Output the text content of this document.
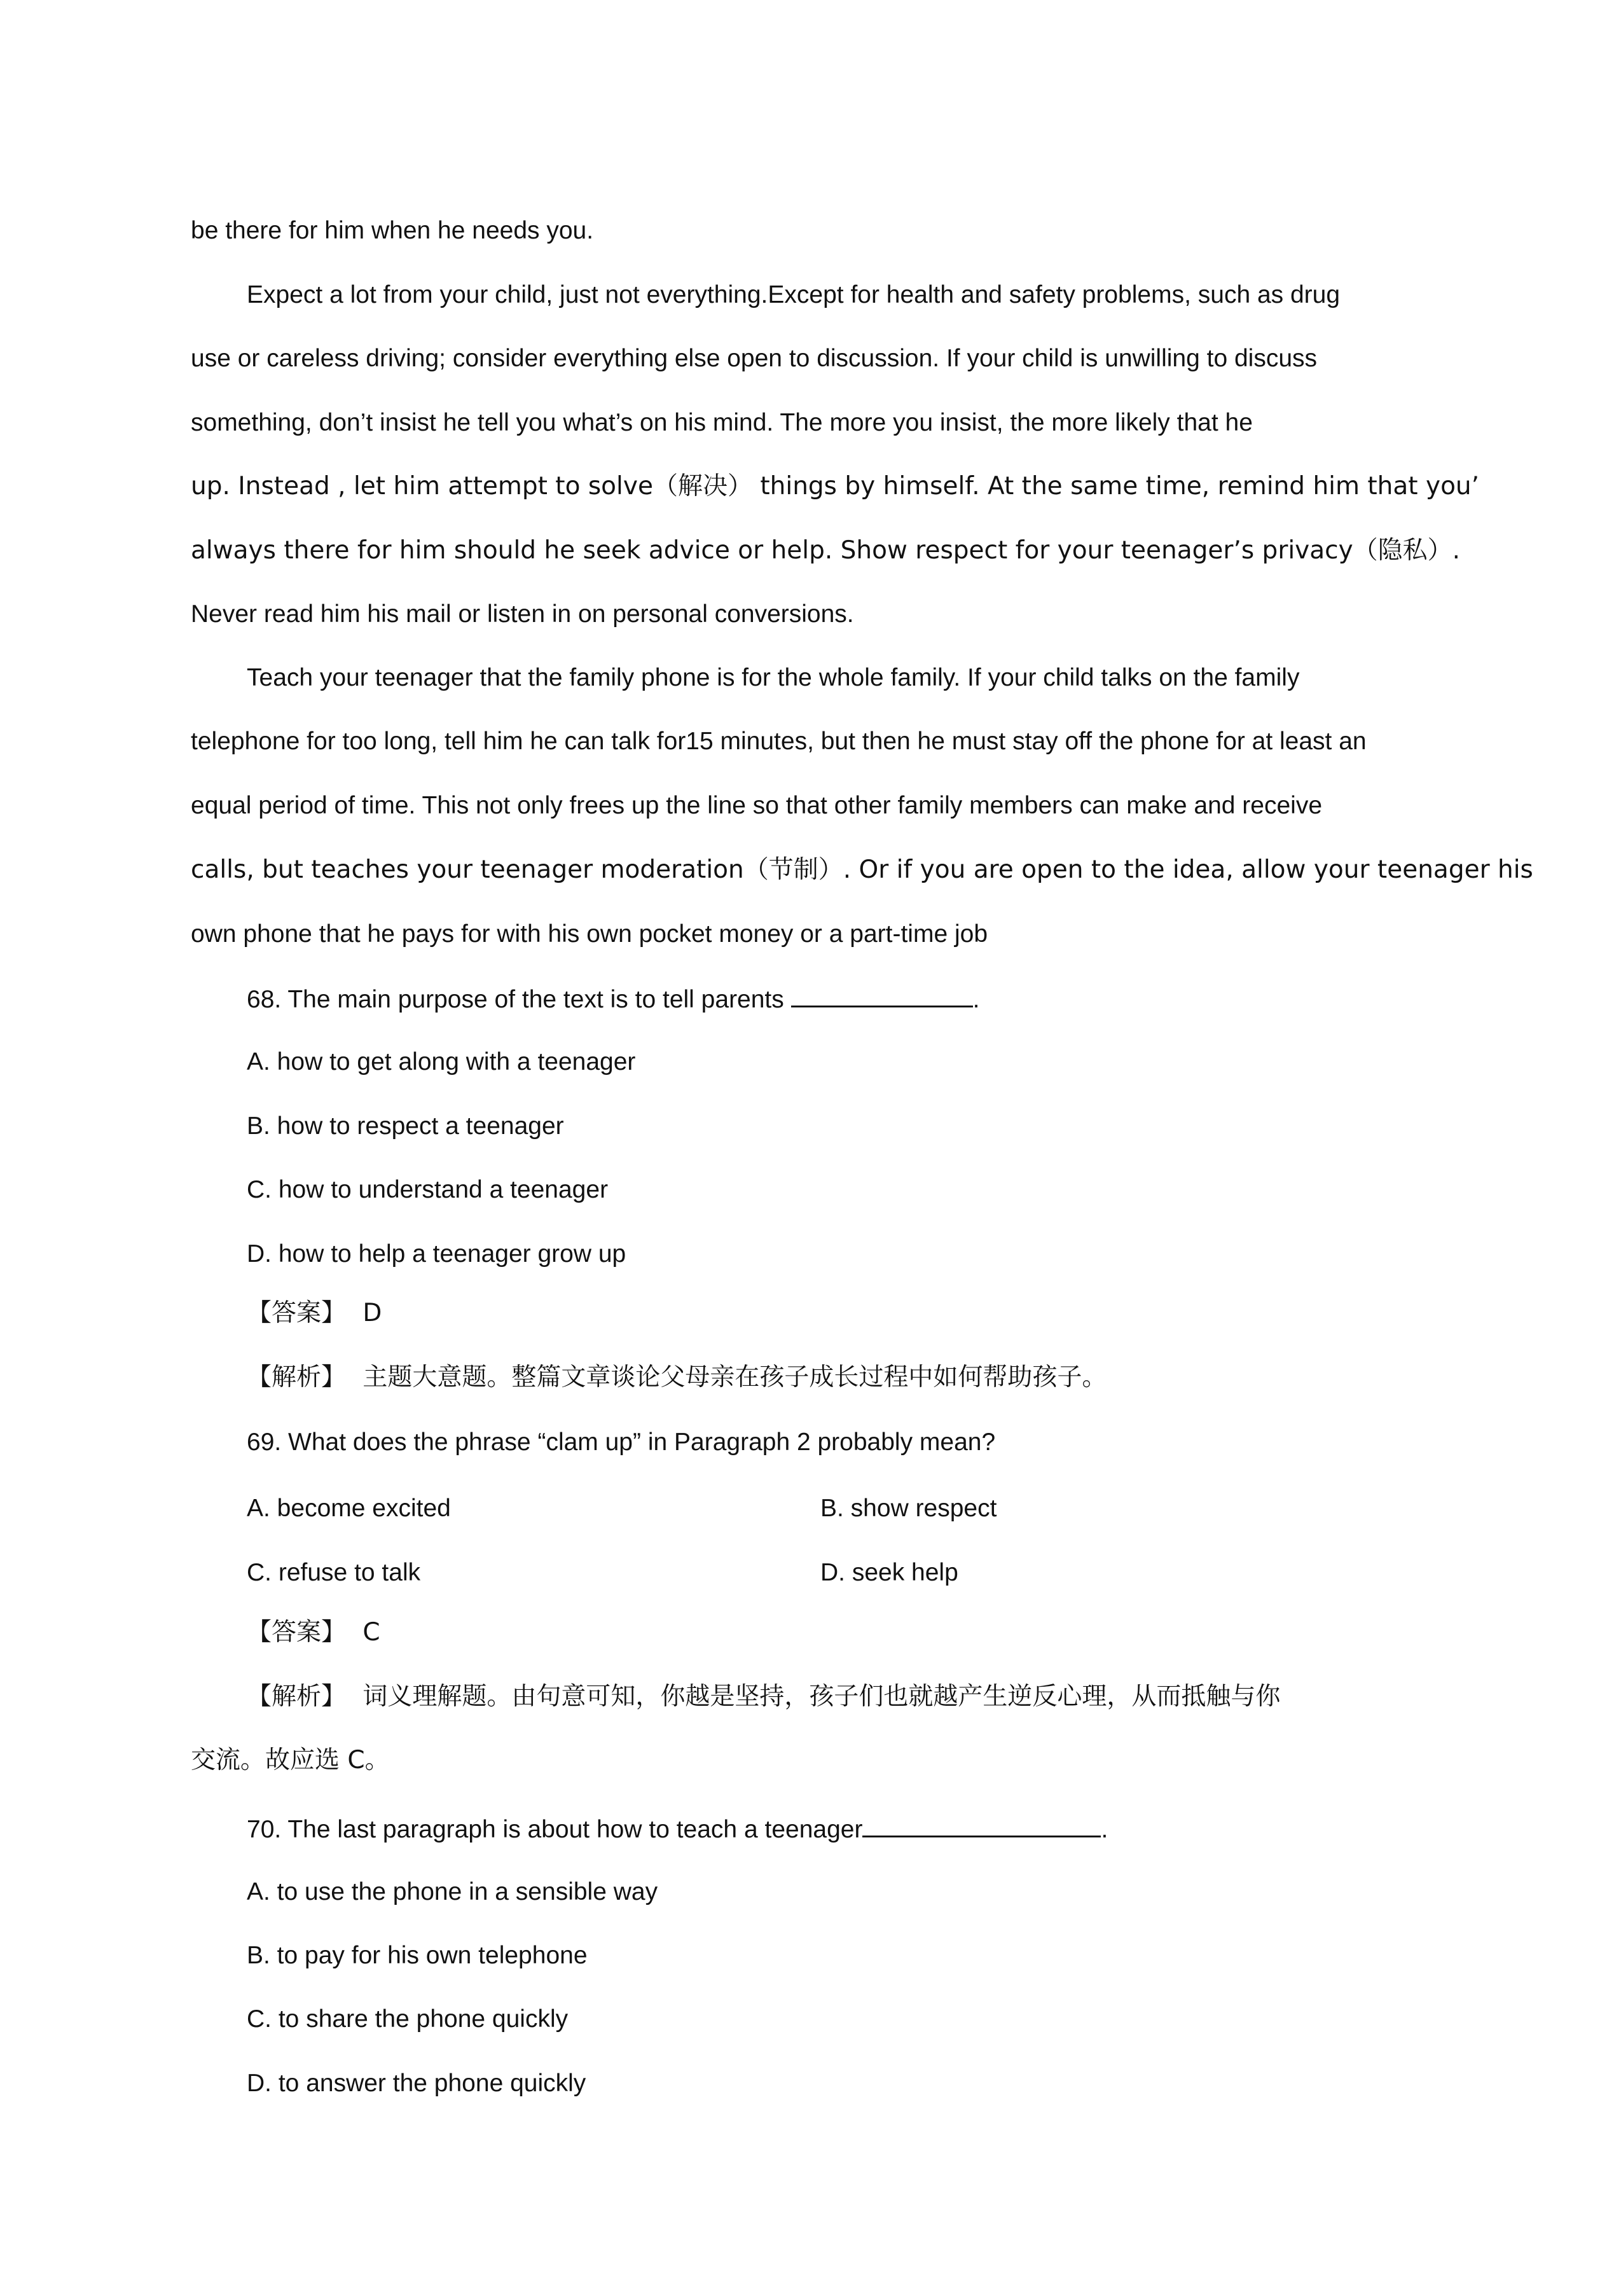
be there for him when he needs you.
Expect a lot from your child, just not everything.Except for health and safety problems, such as drug
use or careless driving; consider everything else open to discussion. If your child is unwilling to discuss
something, don’t insist he tell you what’s on his mind. The more you insist, the more likely that he
up. Instead , let him attempt to solve（解决） things by himself. At the same time, remind him that you’
always there for him should he seek advice or help. Show respect for your teenager’s privacy（隐私）.
Never read him his mail or listen in on personal conversions.
Teach your teenager that the family phone is for the whole family. If your child talks on the family
telephone for too long, tell him he can talk for15 minutes, but then he must stay off the phone for at least an
equal period of time. This not only frees up the line so that other family members can make and receive
calls, but teaches your teenager moderation（节制）. Or if you are open to the idea, allow your teenager his
own phone that he pays for with his own pocket money or a part-time job
68. The main purpose of the text is to tell parents	.
A. how to get along with a teenager
B. how to respect a teenager
C. how to understand a teenager
D. how to help a teenager grow up
【答案】 D
【解析】 主题大意题。整篇文章谈论父母亲在孩子成长过程中如何帮助孩子。
69. What does the phrase “clam up” in Paragraph 2 probably mean?
A. become excited	B. show respect
C. refuse to talk	D. seek help
【答案】 C
【解析】 词义理解题。由句意可知，你越是坚持，孩子们也就越产生逆反心理，从而抵触与你
交流。故应选 C。
70. The last paragraph is about how to teach a teenager	.
A. to use the phone in a sensible way
B. to pay for his own telephone
C. to share the phone quickly
D. to answer the phone quickly
